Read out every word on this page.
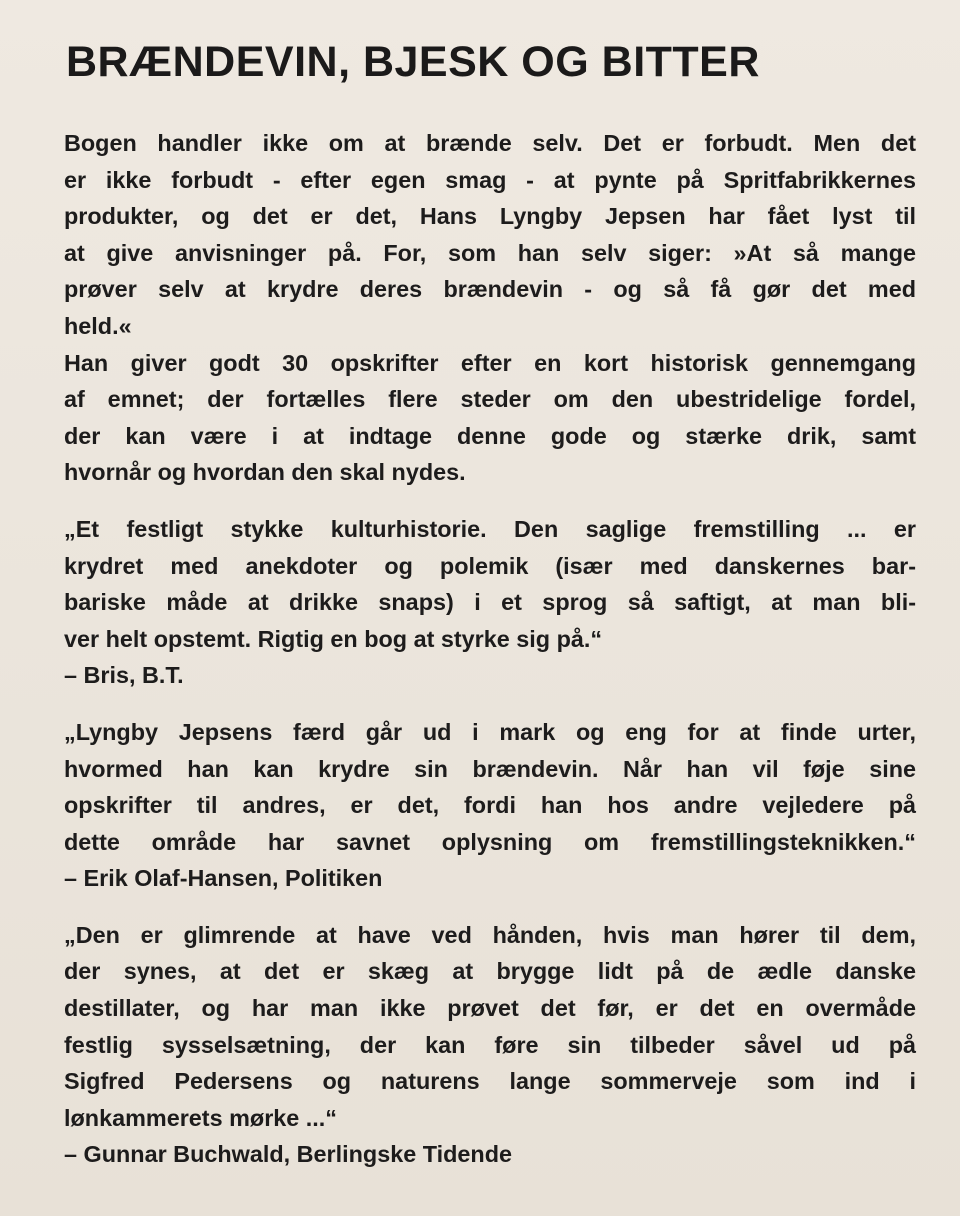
BRÆNDEVIN, BJESK OG BITTER
Bogen handler ikke om at brænde selv. Det er forbudt. Men det
er ikke forbudt - efter egen smag - at pynte på Spritfabrikkernes
produkter, og det er det, Hans Lyngby Jepsen har fået lyst til
at give anvisninger på. For, som han selv siger: »At så mange
prøver selv at krydre deres brændevin - og så få gør det med
held.«
Han giver godt 30 opskrifter efter en kort historisk gennemgang
af emnet; der fortælles flere steder om den ubestridelige fordel,
der kan være i at indtage denne gode og stærke drik, samt
hvornår og hvordan den skal nydes.
„Et festligt stykke kulturhistorie. Den saglige fremstilling ... er
krydret med anekdoter og polemik (især med danskernes bar-
bariske måde at drikke snaps) i et sprog så saftigt, at man bli-
ver helt opstemt. Rigtig en bog at styrke sig på.“
– Bris, B.T.
„Lyngby Jepsens færd går ud i mark og eng for at finde urter,
hvormed han kan krydre sin brændevin. Når han vil føje sine
opskrifter til andres, er det, fordi han hos andre vejledere på
dette område har savnet oplysning om fremstillingsteknikken.“
– Erik Olaf-Hansen, Politiken
„Den er glimrende at have ved hånden, hvis man hører til dem,
der synes, at det er skæg at brygge lidt på de ædle danske
destillater, og har man ikke prøvet det før, er det en overmåde
festlig sysselsætning, der kan føre sin tilbeder såvel ud på
Sigfred Pedersens og naturens lange sommerveje som ind i
lønkammerets mørke ...“
– Gunnar Buchwald, Berlingske Tidende
